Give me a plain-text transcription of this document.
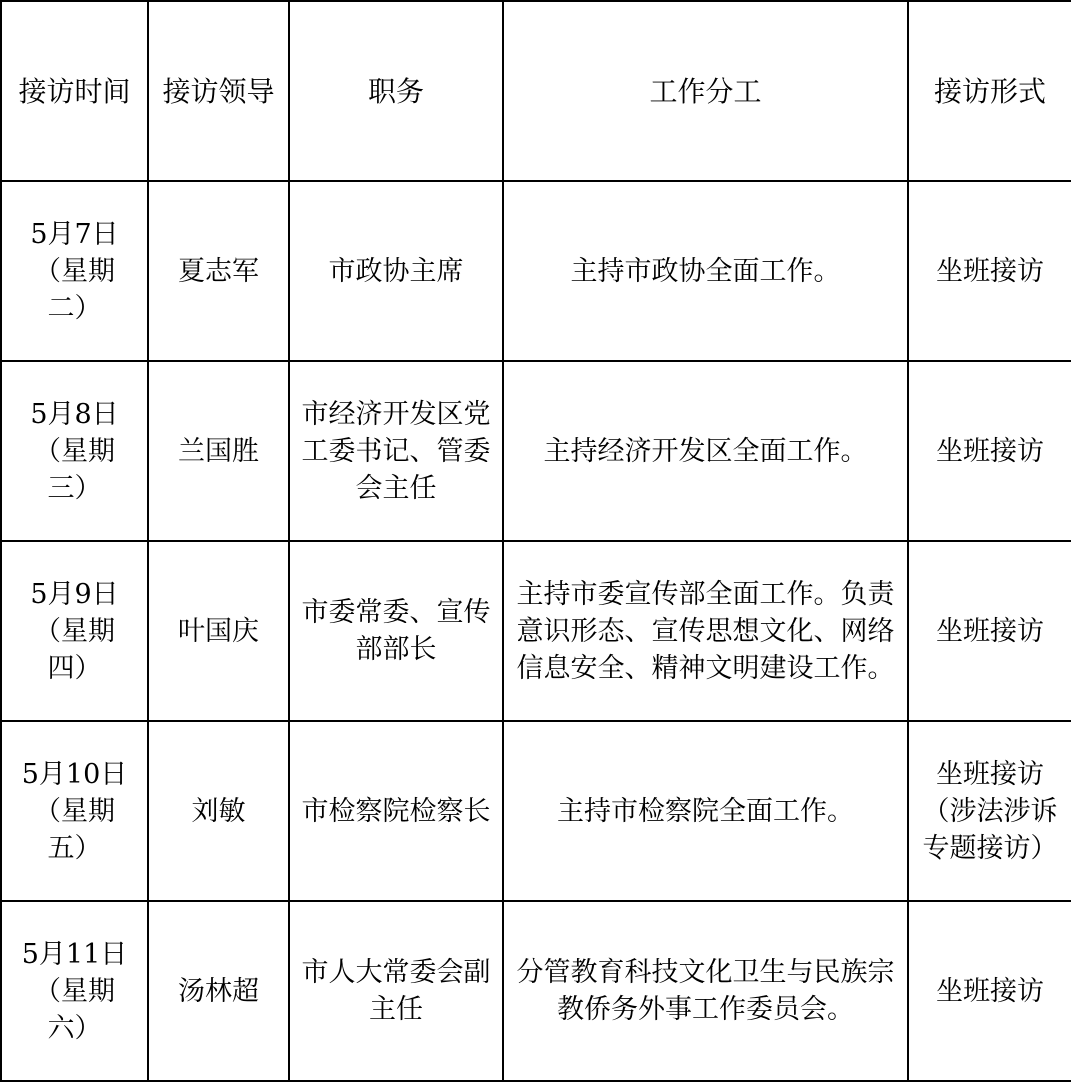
接访时间	接访领导	职务	工作分工	接访形式

5月7日
（星期
二）	夏志军	市政协主席	主持市政协全面工作。	坐班接访

5月8日
（星期
三）	兰国胜	市经济开发区党工委书记、管委会主任	主持经济开发区全面工作。	坐班接访

5月9日
（星期
四）	叶国庆	市委常委、宣传部部长	主持市委宣传部全面工作。负责意识形态、宣传思想文化、网络信息安全、精神文明建设工作。	坐班接访

5月10日
（星期
五）	刘敏	市检察院检察长	主持市检察院全面工作。	坐班接访（涉法涉诉专题接访）

5月11日
（星期
六）	汤林超	市人大常委会副主任	分管教育科技文化卫生与民族宗教侨务外事工作委员会。	坐班接访
